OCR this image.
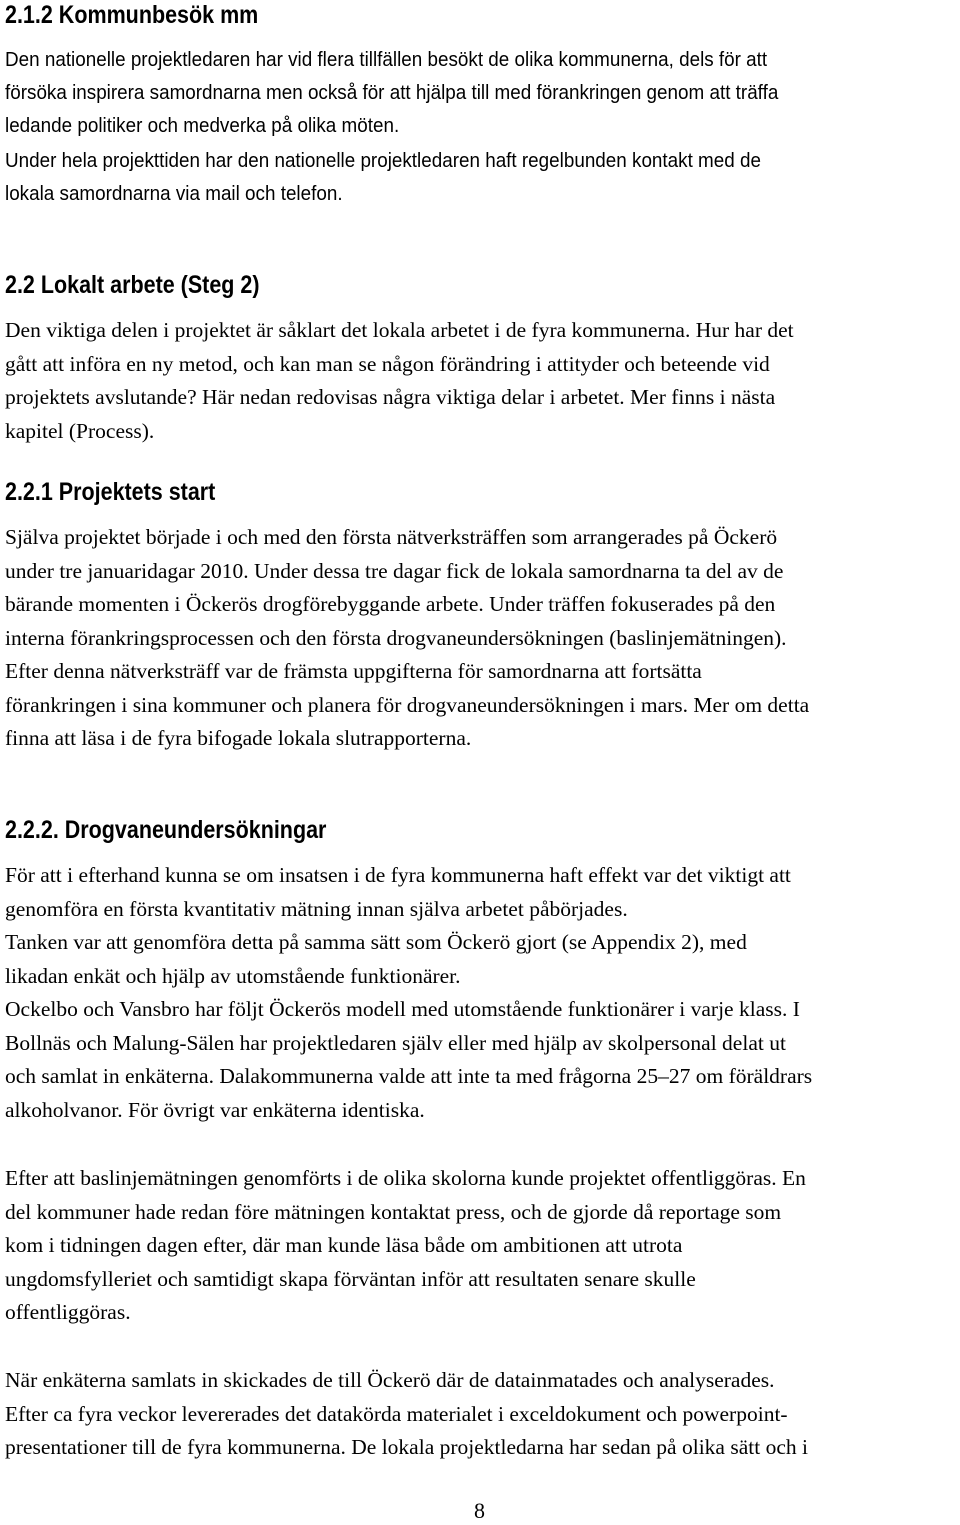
2.1.2 Kommunbesök mm

Den nationelle projektledaren har vid flera tillfällen besökt de olika kommunerna, dels för att
försöka inspirera samordnarna men också för att hjälpa till med förankringen genom att träffa
ledande politiker och medverka på olika möten.

Under hela projekttiden har den nationelle projektledaren haft regelbunden kontakt med de
lokala samordnarna via mail och telefon.

2.2 Lokalt arbete (Steg 2)

Den viktiga delen i projektet är såklart det lokala arbetet i de fyra kommunerna. Hur har det
gått att införa en ny metod, och kan man se någon förändring i attityder och beteende vid
projektets avslutande? Här nedan redovisas några viktiga delar i arbetet. Mer finns i nästa
kapitel (Process).

2.2.1 Projektets start

Själva projektet började i och med den första nätverksträffen som arrangerades på Öckerö
under tre januaridagar 2010. Under dessa tre dagar fick de lokala samordnarna ta del av de
bärande momenten i Öckerös drogförebyggande arbete. Under träffen fokuserades på den
interna förankringsprocessen och den första drogvaneundersökningen (baslinjemätningen).
Efter denna nätverksträff var de främsta uppgifterna för samordnarna att fortsätta
förankringen i sina kommuner och planera för drogvaneundersökningen i mars. Mer om detta
finna att läsa i de fyra bifogade lokala slutrapporterna.

2.2.2. Drogvaneundersökningar

För att i efterhand kunna se om insatsen i de fyra kommunerna haft effekt var det viktigt att
genomföra en första kvantitativ mätning innan själva arbetet påbörjades.
Tanken var att genomföra detta på samma sätt som Öckerö gjort (se Appendix 2), med
likadan enkät och hjälp av utomstående funktionärer.
Ockelbo och Vansbro har följt Öckerös modell med utomstående funktionärer i varje klass. I
Bollnäs och Malung-Sälen har projektledaren själv eller med hjälp av skolpersonal delat ut
och samlat in enkäterna. Dalakommunerna valde att inte ta med frågorna 25–27 om föräldrars
alkoholvanor. För övrigt var enkäterna identiska.

Efter att baslinjemätningen genomförts i de olika skolorna kunde projektet offentliggöras. En
del kommuner hade redan före mätningen kontaktat press, och de gjorde då reportage som
kom i tidningen dagen efter, där man kunde läsa både om ambitionen att utrota
ungdomsfylleriet och samtidigt skapa förväntan inför att resultaten senare skulle
offentliggöras.

När enkäterna samlats in skickades de till Öckerö där de datainmatades och analyserades.
Efter ca fyra veckor levererades det datakörda materialet i exceldokument och powerpoint-
presentationer till de fyra kommunerna. De lokala projektledarna har sedan på olika sätt och i

8
